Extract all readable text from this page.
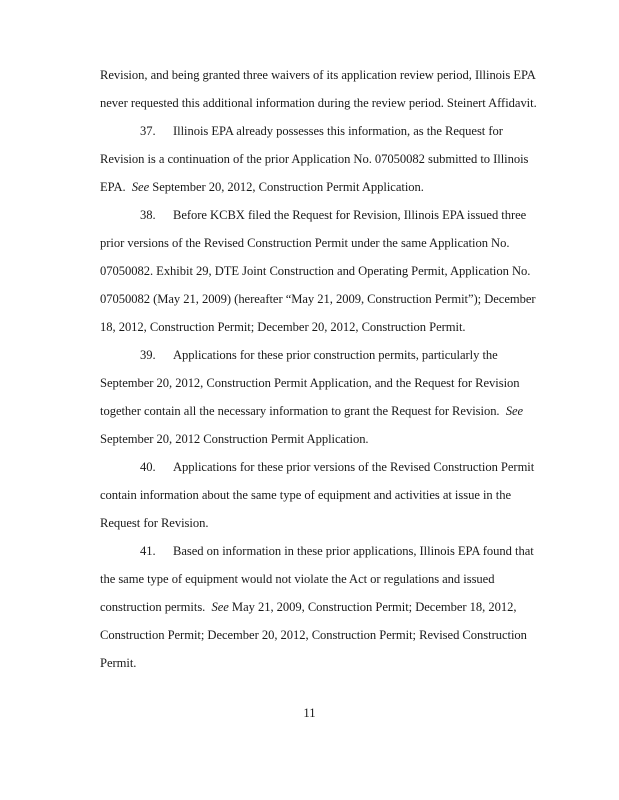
Revision, and being granted three waivers of its application review period, Illinois EPA
never requested this additional information during the review period. Steinert Affidavit.
37. Illinois EPA already possesses this information, as the Request for
Revision is a continuation of the prior Application No. 07050082 submitted to Illinois
EPA. See September 20, 2012, Construction Permit Application.
38. Before KCBX filed the Request for Revision, Illinois EPA issued three
prior versions of the Revised Construction Permit under the same Application No.
07050082. Exhibit 29, DTE Joint Construction and Operating Permit, Application No.
07050082 (May 21, 2009) (hereafter “May 21, 2009, Construction Permit”); December
18, 2012, Construction Permit; December 20, 2012, Construction Permit.
39. Applications for these prior construction permits, particularly the
September 20, 2012, Construction Permit Application, and the Request for Revision
together contain all the necessary information to grant the Request for Revision. See
September 20, 2012 Construction Permit Application.
40. Applications for these prior versions of the Revised Construction Permit
contain information about the same type of equipment and activities at issue in the
Request for Revision.
41. Based on information in these prior applications, Illinois EPA found that
the same type of equipment would not violate the Act or regulations and issued
construction permits. See May 21, 2009, Construction Permit; December 18, 2012,
Construction Permit; December 20, 2012, Construction Permit; Revised Construction
Permit.
11
